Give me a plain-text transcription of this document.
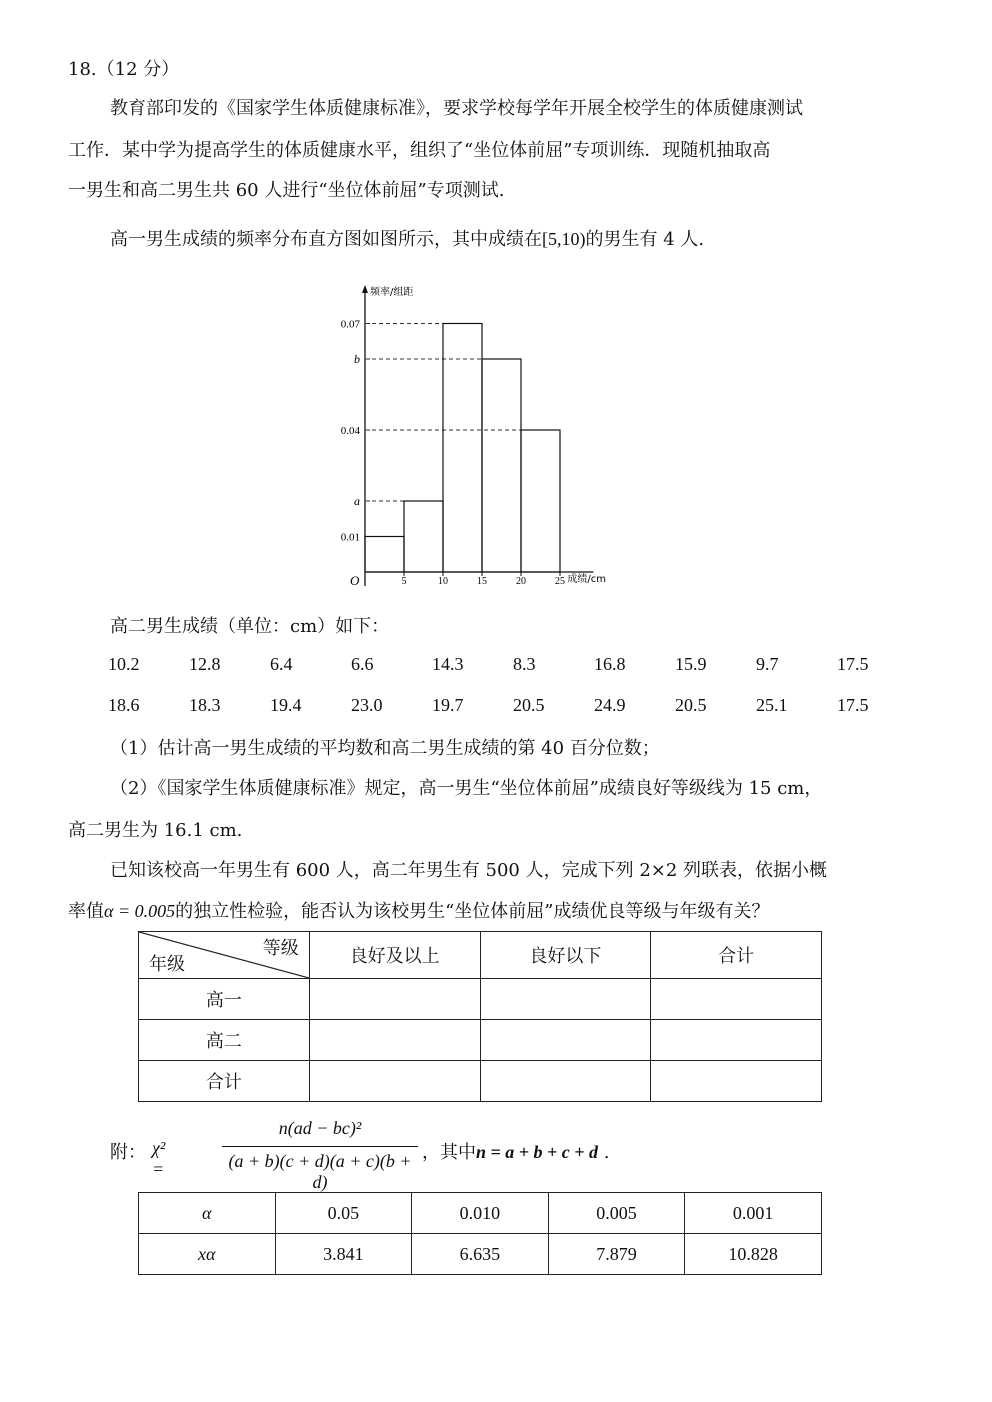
18.（12 分）
教育部印发的《国家学生体质健康标准》，要求学校每学年开展全校学生的体质健康测试
工作．某中学为提高学生的体质健康水平，组织了“坐位体前屈”专项训练．现随机抽取高
一男生和高二男生共 60 人进行“坐位体前屈”专项测试.
高一男生成绩的频率分布直方图如图所示，其中成绩在[5,10)的男生有 4 人.
频率/组距
成绩/cm
O
0.07
b
0.04
a
0.01
5	10	15	20	25
高二男生成绩（单位：cm）如下：
10.2	12.8	6.4	6.6	14.3	8.3	16.8	15.9	9.7	17.5
18.6	18.3	19.4	23.0	19.7	20.5	24.9	20.5	25.1	17.5
（1）估计高一男生成绩的平均数和高二男生成绩的第 40 百分位数；
（2）《国家学生体质健康标准》规定，高一男生“坐位体前屈”成绩良好等级线为 15 cm，
高二男生为 16.1 cm.
已知该校高一年男生有 600 人，高二年男生有 500 人，完成下列 2×2 列联表，依据小概
率值α = 0.005的独立性检验，能否认为该校男生“坐位体前屈”成绩优良等级与年级有关？
等级
年级	良好及以上	良好以下	合计
高一			
高二			
合计			
附： χ² =
n(ad − bc)²
(a + b)(c + d)(a + c)(b + d)
，其中n = a + b + c + d .
α	0.05	0.010	0.005	0.001
xα	3.841	6.635	7.879	10.828
